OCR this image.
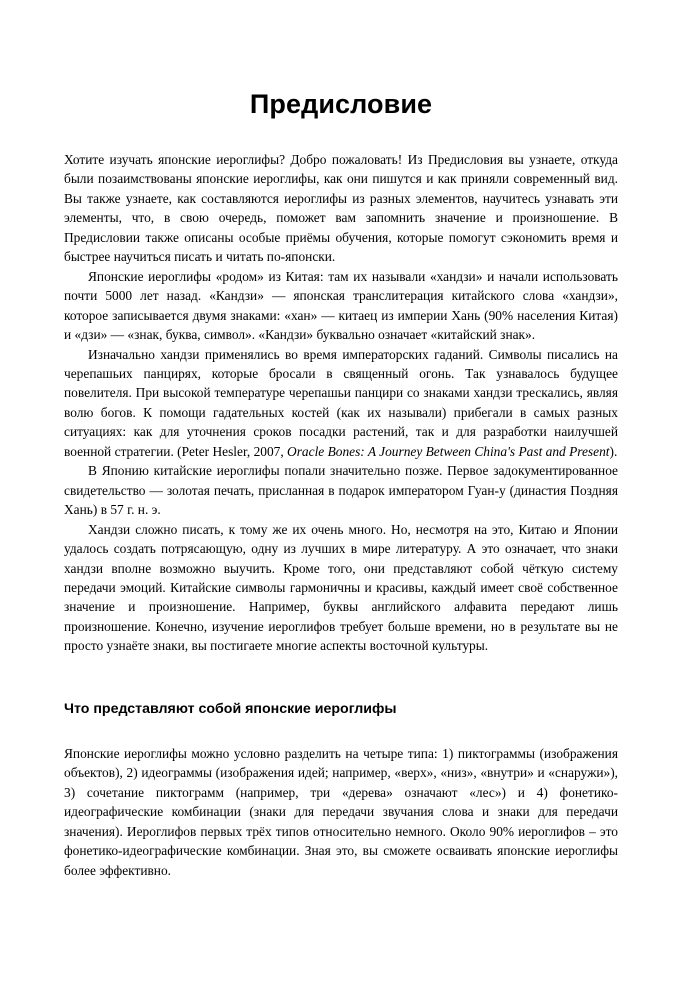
Предисловие

Хотите изучать японские иероглифы? Добро пожаловать! Из Предисловия вы узнаете, откуда были позаимствованы японские иероглифы, как они пишутся и как приняли современный вид. Вы также узнаете, как составляются иероглифы из разных элементов, научитесь узнавать эти элементы, что, в свою очередь, поможет вам запомнить значение и произношение. В Предисловии также описаны особые приёмы обучения, которые помогут сэкономить время и быстрее научиться писать и читать по-японски.

Японские иероглифы «родом» из Китая: там их называли «хандзи» и начали использовать почти 5000 лет назад. «Кандзи» — японская транслитерация китайского слова «хандзи», которое записывается двумя знаками: «хан» — китаец из империи Хань (90% населения Китая) и «дзи» — «знак, буква, символ». «Кандзи» буквально означает «китайский знак».

Изначально хандзи применялись во время императорских гаданий. Символы писались на черепашьих панцирях, которые бросали в священный огонь. Так узнавалось будущее повелителя. При высокой температуре черепашьи панцири со знаками хандзи трескались, являя волю богов. К помощи гадательных костей (как их называли) прибегали в самых разных ситуациях: как для уточнения сроков посадки растений, так и для разработки наилучшей военной стратегии. (Peter Hesler, 2007, Oracle Bones: A Journey Between China's Past and Present).

В Японию китайские иероглифы попали значительно позже. Первое задокументированное свидетельство — золотая печать, присланная в подарок императором Гуан-у (династия Поздняя Хань) в 57 г. н. э.

Хандзи сложно писать, к тому же их очень много. Но, несмотря на это, Китаю и Японии удалось создать потрясающую, одну из лучших в мире литературу. А это означает, что знаки хандзи вполне возможно выучить. Кроме того, они представляют собой чёткую систему передачи эмоций. Китайские символы гармоничны и красивы, каждый имеет своё собственное значение и произношение. Например, буквы английского алфавита передают лишь произношение. Конечно, изучение иероглифов требует больше времени, но в результате вы не просто узнаёте знаки, вы постигаете многие аспекты восточной культуры.

Что представляют собой японские иероглифы

Японские иероглифы можно условно разделить на четыре типа: 1) пиктограммы (изображения объектов), 2) идеограммы (изображения идей; например, «верх», «низ», «внутри» и «снаружи»), 3) сочетание пиктограмм (например, три «дерева» означают «лес») и 4) фонетико-идеографические комбинации (знаки для передачи звучания слова и знаки для передачи значения). Иероглифов первых трёх типов относительно немного. Около 90% иероглифов – это фонетико-идеографические комбинации. Зная это, вы сможете осваивать японские иероглифы более эффективно.
